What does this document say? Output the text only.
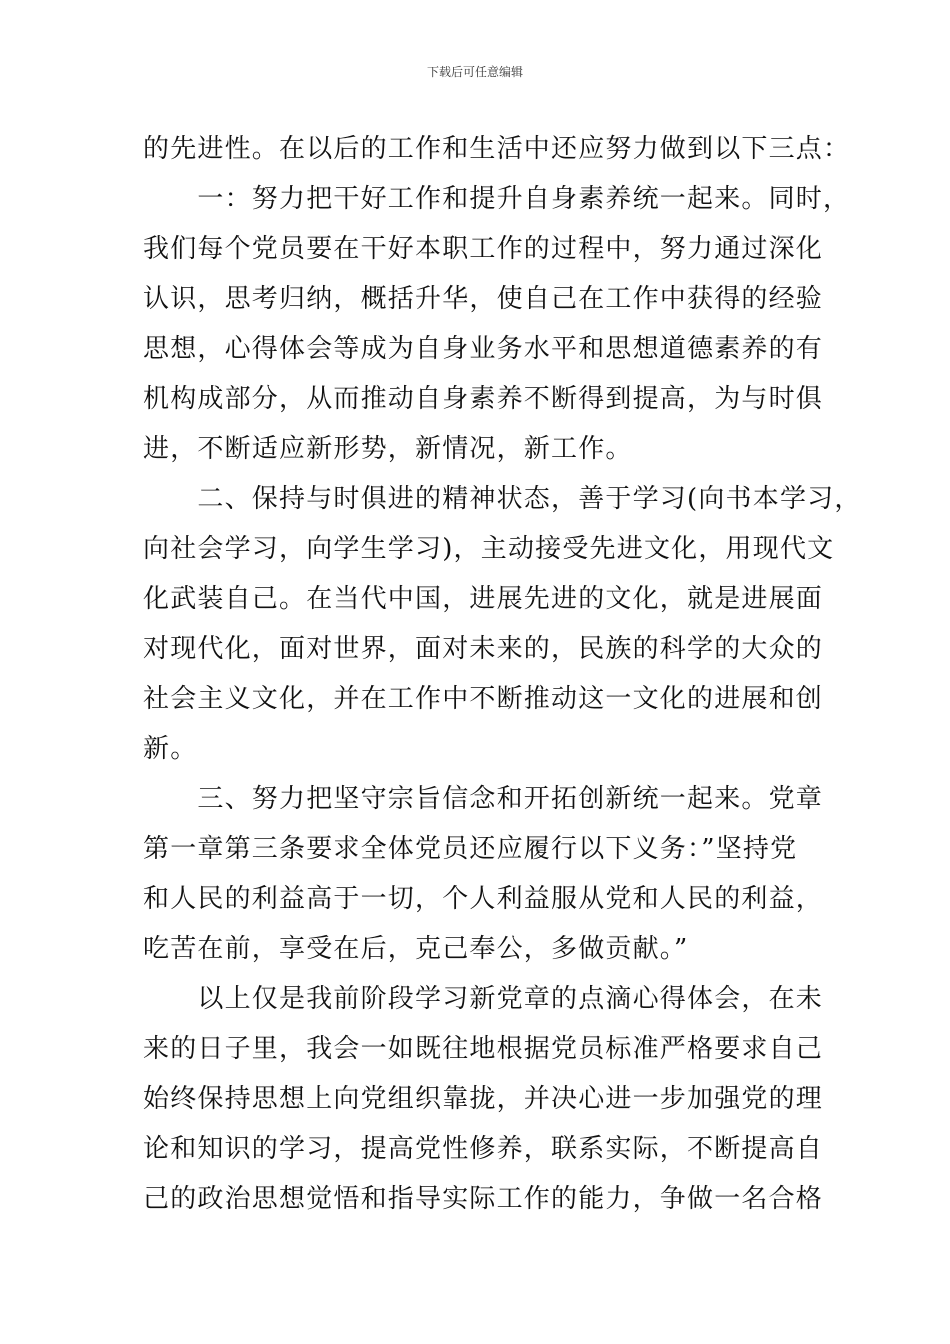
下载后可任意编辑
的先进性。在以后的工作和生活中还应努力做到以下三点：
　　一：努力把干好工作和提升自身素养统一起来。同时，
我们每个党员要在干好本职工作的过程中，努力通过深化
认识，思考归纳，概括升华，使自己在工作中获得的经验
思想，心得体会等成为自身业务水平和思想道德素养的有
机构成部分，从而推动自身素养不断得到提高，为与时俱
进，不断适应新形势，新情况，新工作。
　　二、保持与时俱进的精神状态，善于学习(向书本学习，
向社会学习，向学生学习)，主动接受先进文化，用现代文
化武装自己。在当代中国，进展先进的文化，就是进展面
对现代化，面对世界，面对未来的，民族的科学的大众的
社会主义文化，并在工作中不断推动这一文化的进展和创
新。
　　三、努力把坚守宗旨信念和开拓创新统一起来。党章
第一章第三条要求全体党员还应履行以下义务：”坚持党
和人民的利益高于一切，个人利益服从党和人民的利益，
吃苦在前，享受在后，克己奉公，多做贡献。”
　　以上仅是我前阶段学习新党章的点滴心得体会，在未
来的日子里，我会一如既往地根据党员标准严格要求自己
始终保持思想上向党组织靠拢，并决心进一步加强党的理
论和知识的学习，提高党性修养，联系实际，不断提高自
己的政治思想觉悟和指导实际工作的能力，争做一名合格
